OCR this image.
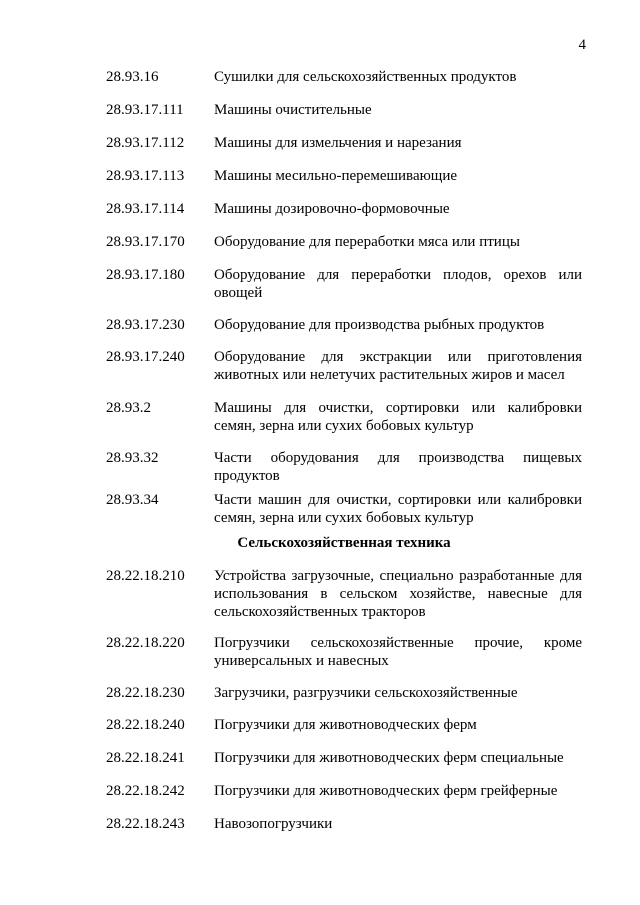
4
28.93.16	Сушилки для сельскохозяйственных продуктов
28.93.17.111	Машины очистительные
28.93.17.112	Машины для измельчения и нарезания
28.93.17.113	Машины месильно-перемешивающие
28.93.17.114	Машины дозировочно-формовочные
28.93.17.170	Оборудование для переработки мяса или птицы
28.93.17.180	Оборудование для переработки плодов, орехов или овощей
28.93.17.230	Оборудование для производства рыбных продуктов
28.93.17.240	Оборудование для экстракции или приготовления животных или нелетучих растительных жиров и масел
28.93.2	Машины для очистки, сортировки или калибровки семян, зерна или сухих бобовых культур
28.93.32	Части оборудования для производства пищевых продуктов
28.93.34	Части машин для очистки, сортировки или калибровки семян, зерна или сухих бобовых культур
Сельскохозяйственная техника
28.22.18.210	Устройства загрузочные, специально разработанные для использования в сельском хозяйстве, навесные для сельскохозяйственных тракторов
28.22.18.220	Погрузчики сельскохозяйственные прочие, кроме универсальных и навесных
28.22.18.230	Загрузчики, разгрузчики сельскохозяйственные
28.22.18.240	Погрузчики для животноводческих ферм
28.22.18.241	Погрузчики для животноводческих ферм специальные
28.22.18.242	Погрузчики для животноводческих ферм грейферные
28.22.18.243	Навозопогрузчики
